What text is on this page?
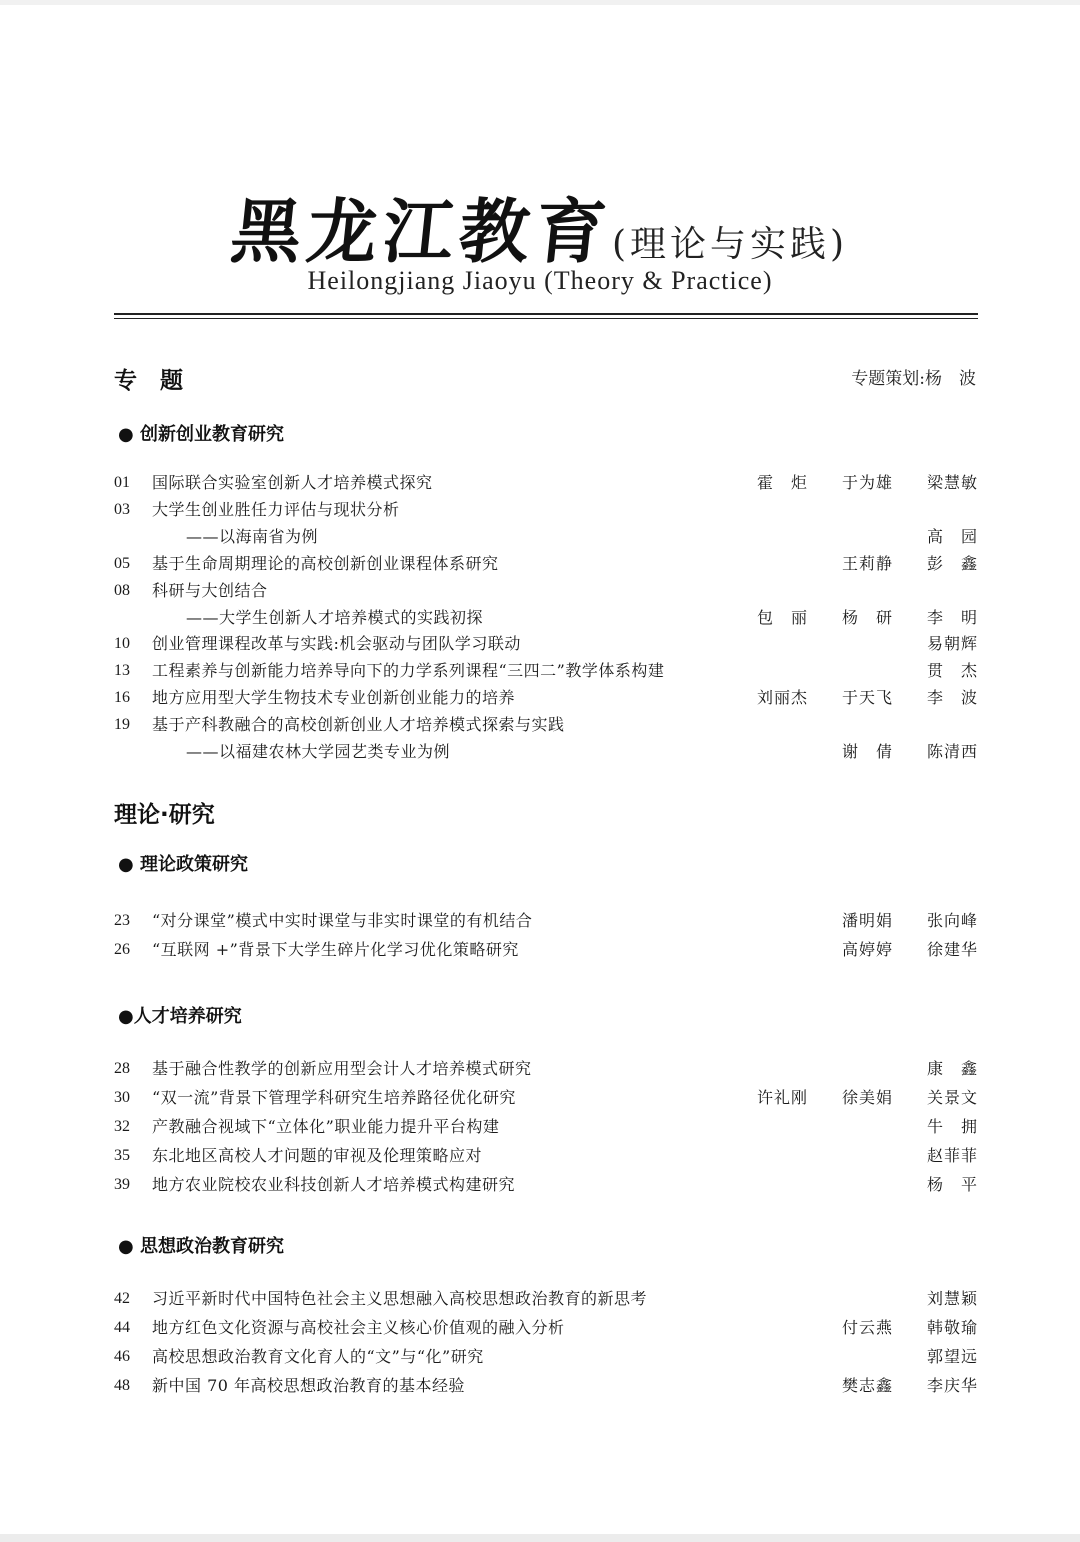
黑龙江教育(理论与实践)
Heilongjiang Jiaoyu (Theory & Practice)
专　题	专题策划:杨　波
● 创新创业教育研究
01	国际联合实验室创新人才培养模式探究	霍　炬　　于为雄　　梁慧敏
03	大学生创业胜任力评估与现状分析
——以海南省为例	高　园
05	基于生命周期理论的高校创新创业课程体系研究	王莉静　　彭　鑫
08	科研与大创结合
——大学生创新人才培养模式的实践初探	包　丽　　杨　研　　李　明
10	创业管理课程改革与实践:机会驱动与团队学习联动	易朝辉
13	工程素养与创新能力培养导向下的力学系列课程“三四二”教学体系构建	贯　杰
16	地方应用型大学生物技术专业创新创业能力的培养	刘丽杰　　于天飞　　李　波
19	基于产科教融合的高校创新创业人才培养模式探索与实践
——以福建农林大学园艺类专业为例	谢　倩　　陈清西
理论·研究
● 理论政策研究
23	“对分课堂”模式中实时课堂与非实时课堂的有机结合	潘明娟　　张向峰
26	“互联网 +”背景下大学生碎片化学习优化策略研究	高婷婷　　徐建华
●人才培养研究
28	基于融合性教学的创新应用型会计人才培养模式研究	康　鑫
30	“双一流”背景下管理学科研究生培养路径优化研究	许礼刚　　徐美娟　　关景文
32	产教融合视域下“立体化”职业能力提升平台构建	牛　拥
35	东北地区高校人才问题的审视及伦理策略应对	赵菲菲
39	地方农业院校农业科技创新人才培养模式构建研究	杨　平
● 思想政治教育研究
42	习近平新时代中国特色社会主义思想融入高校思想政治教育的新思考	刘慧颖
44	地方红色文化资源与高校社会主义核心价值观的融入分析	付云燕　　韩敬瑜
46	高校思想政治教育文化育人的“文”与“化”研究	郭望远
48	新中国 70 年高校思想政治教育的基本经验	樊志鑫　　李庆华
